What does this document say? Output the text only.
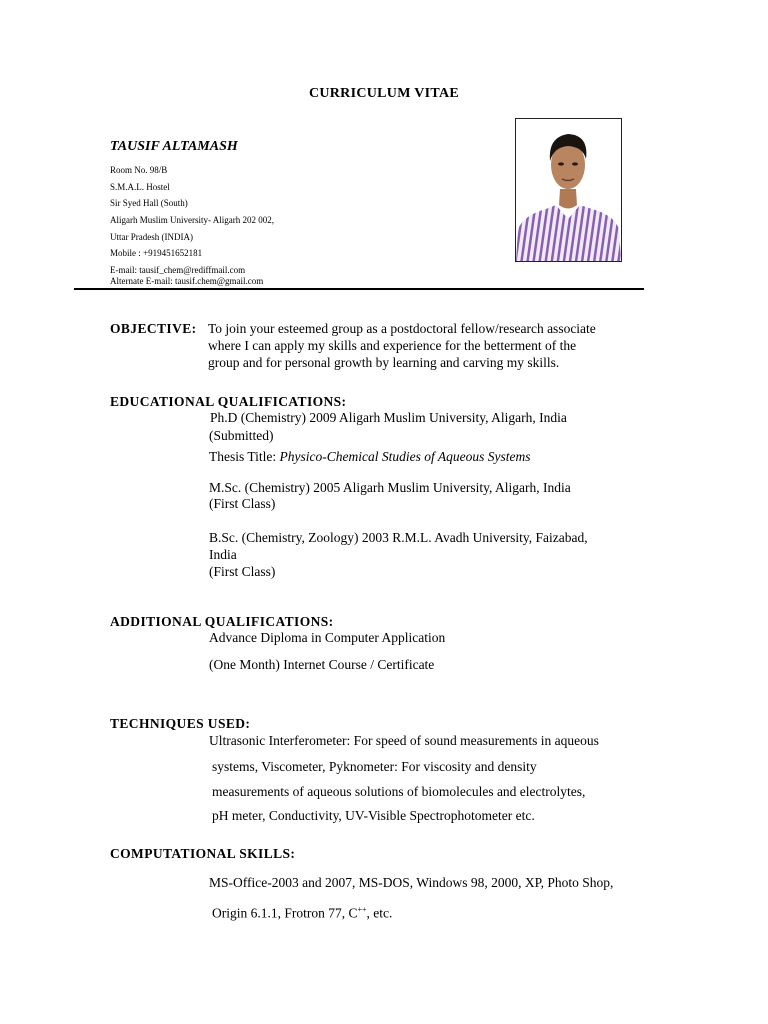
CURRICULUM VITAE
TAUSIF ALTAMASH
Room No. 98/B
S.M.A.L. Hostel
Sir Syed Hall (South)
Aligarh Muslim University- Aligarh 202 002,
Uttar Pradesh (INDIA)
Mobile : +919451652181
E-mail: tausif_chem@rediffmail.com
Alternate E-mail: tausif.chem@gmail.com
OBJECTIVE: To join your esteemed group as a postdoctoral fellow/research associate
where I can apply my skills and experience for the betterment of the
group and for personal growth by learning and carving my skills.
EDUCATIONAL QUALIFICATIONS:
Ph.D (Chemistry) 2009 Aligarh Muslim University, Aligarh, India
(Submitted)
Thesis Title: Physico-Chemical Studies of Aqueous Systems
M.Sc. (Chemistry) 2005 Aligarh Muslim University, Aligarh, India
(First Class)
B.Sc. (Chemistry, Zoology) 2003 R.M.L. Avadh University, Faizabad,
India
(First Class)
ADDITIONAL QUALIFICATIONS:
Advance Diploma in Computer Application
(One Month) Internet Course / Certificate
TECHNIQUES USED:
Ultrasonic Interferometer: For speed of sound measurements in aqueous
systems, Viscometer, Pyknometer: For viscosity and density
measurements of aqueous solutions of biomolecules and electrolytes,
pH meter, Conductivity, UV-Visible Spectrophotometer etc.
COMPUTATIONAL SKILLS:
MS-Office-2003 and 2007, MS-DOS, Windows 98, 2000, XP, Photo Shop,
Origin 6.1.1, Frotron 77, C++, etc.
